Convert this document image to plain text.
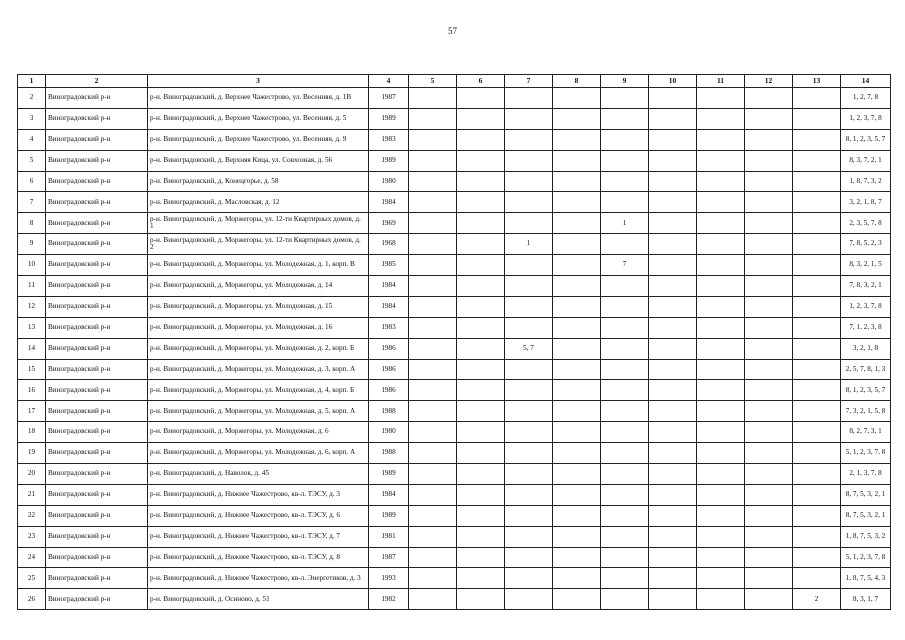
57
1	2	3	4	5	6	7	8	9	10	11	12	13	14
2	Виноградовский р-н	р-н. Виноградовский, д. Верхнее Чажестрово, ул. Весенняя, д. 1В	1987										1, 2, 7, 8
3	Виноградовский р-н	р-н. Виноградовский, д. Верхнее Чажестрово, ул. Весенняя, д. 5	1989										1, 2, 3, 7, 8
4	Виноградовский р-н	р-н. Виноградовский, д. Верхнее Чажестрово, ул. Весенняя, д. 9	1983										8, 1, 2, 3, 5, 7
5	Виноградовский р-н	р-н. Виноградовский, д. Верхняя Кица, ул. Совхозная, д. 56	1989										8, 3, 7, 2, 1
6	Виноградовский р-н	р-н. Виноградовский, д. Конецгорье, д. 58	1980										1, 8, 7, 3, 2
7	Виноградовский р-н	р-н. Виноградовский, д. Масловская, д. 12	1984										3, 2, 1, 8, 7
8	Виноградовский р-н	р-н. Виноградовский, д. Моржегоры, ул. 12-ти Квартирных домов, д. 1	1969					1					2, 3, 5, 7, 8
9	Виноградовский р-н	р-н. Виноградовский, д. Моржегоры, ул. 12-ти Квартирных домов, д. 2	1968			1							7, 8, 5, 2, 3
10	Виноградовский р-н	р-н. Виноградовский, д. Моржегоры, ул. Молодежная, д. 1, корп. В	1985					7					8, 3, 2, 1, 5
11	Виноградовский р-н	р-н. Виноградовский, д. Моржегоры, ул. Молодежная, д. 14	1984										7, 8, 3, 2, 1
12	Виноградовский р-н	р-н. Виноградовский, д. Моржегоры, ул. Молодежная, д. 15	1984										1, 2, 3, 7, 8
13	Виноградовский р-н	р-н. Виноградовский, д. Моржегоры, ул. Молодежная, д. 16	1983										7, 1, 2, 3, 8
14	Виноградовский р-н	р-н. Виноградовский, д. Моржегоры, ул. Молодежная, д. 2, корп. Б	1986			5, 7							3, 2, 1, 8
15	Виноградовский р-н	р-н. Виноградовский, д. Моржегоры, ул. Молодежная, д. 3, корп. А	1986										2, 5, 7, 8, 1, 3
16	Виноградовский р-н	р-н. Виноградовский, д. Моржегоры, ул. Молодежная, д. 4, корп. Б	1986										8, 1, 2, 3, 5, 7
17	Виноградовский р-н	р-н. Виноградовский, д. Моржегоры, ул. Молодежная, д. 5, корп. А	1988										7, 3, 2, 1, 5, 8
18	Виноградовский р-н	р-н. Виноградовский, д. Моржегоры, ул. Молодежная, д. 6	1980										8, 2, 7, 3, 1
19	Виноградовский р-н	р-н. Виноградовский, д. Моржегоры, ул. Молодежная, д. 6, корп. А	1988										5, 1, 2, 3, 7, 8
20	Виноградовский р-н	р-н. Виноградовский, д. Наволок, д. 45	1989										2, 1, 3, 7, 8
21	Виноградовский р-н	р-н. Виноградовский, д. Нижнее Чажестрово, кв-л. ТЭСУ, д. 3	1984										8, 7, 5, 3, 2, 1
22	Виноградовский р-н	р-н. Виноградовский, д. Нижнее Чажестрово, кв-л. ТЭСУ, д. 6	1989										8, 7, 5, 3, 2, 1
23	Виноградовский р-н	р-н. Виноградовский, д. Нижнее Чажестрово, кв-л. ТЭСУ, д. 7	1981										1, 8, 7, 5, 3, 2
24	Виноградовский р-н	р-н. Виноградовский, д. Нижнее Чажестрово, кв-л. ТЭСУ, д. 8	1987										5, 1, 2, 3, 7, 8
25	Виноградовский р-н	р-н. Виноградовский, д. Нижнее Чажестрово, кв-л. Энергетиков, д. 3	1993										1, 8, 7, 5, 4, 3
26	Виноградовский р-н	р-н. Виноградовский, д. Осиново, д. 51	1982									2	8, 3, 1, 7
